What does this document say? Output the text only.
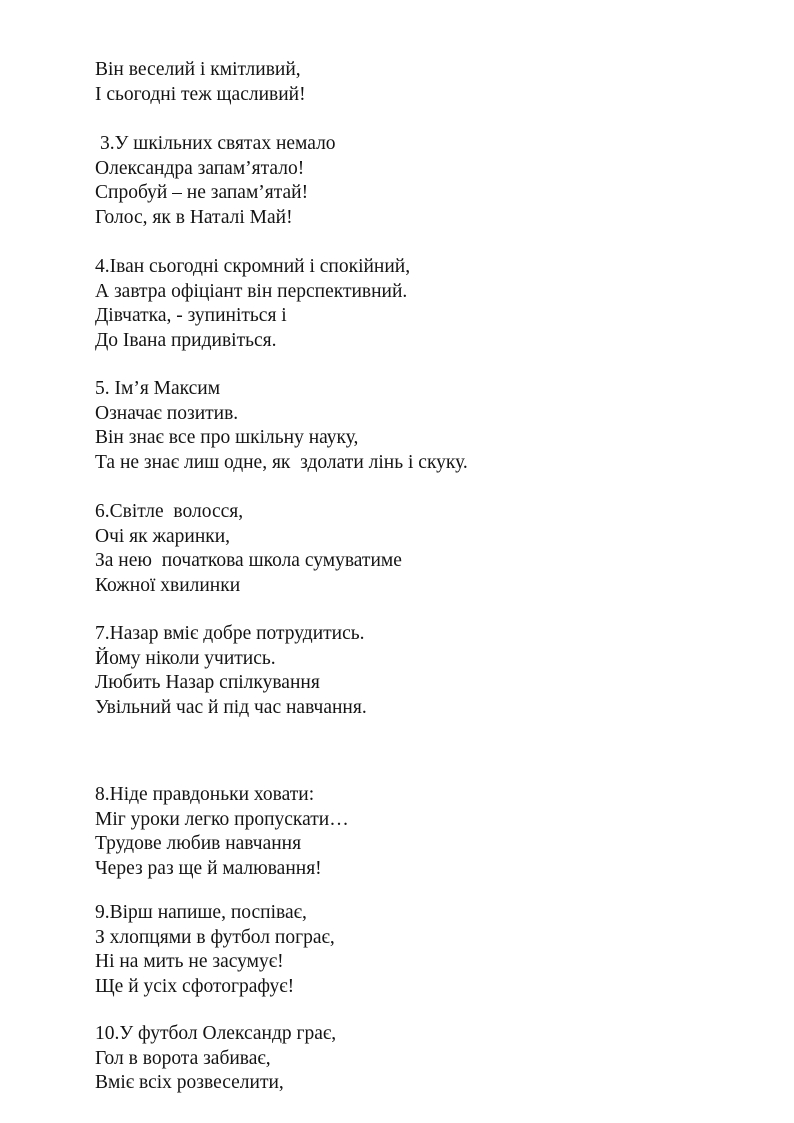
Він веселий і кмітливий,
І сьогодні теж щасливий!
3.У шкільних святах немало
Олександра запам’ятало!
Спробуй – не запам’ятай!
Голос, як в Наталі Май!
4.Іван сьогодні скромний і спокійний,
А завтра офіціант він перспективний.
Дівчатка, - зупиніться і
До Івана придивіться.
5. Ім’я Максим
Означає позитив.
Він знає все про шкільну науку,
Та не знає лиш одне, як  здолати лінь і скуку.
6.Світле  волосся,
Очі як жаринки,
За нею  початкова школа сумуватиме
Кожної хвилинки
7.Назар вміє добре потрудитись.
Йому ніколи учитись.
Любить Назар спілкування
Увільний час й під час навчання.
8.Ніде правдоньки ховати:
Міг уроки легко пропускати…
Трудове любив навчання
Через раз ще й малювання!
9.Вірш напише, поспіває,
З хлопцями в футбол пограє,
Ні на мить не засумує!
Ще й усіх сфотографує!
10.У футбол Олександр грає,
Гол в ворота забиває,
Вміє всіх розвеселити,
